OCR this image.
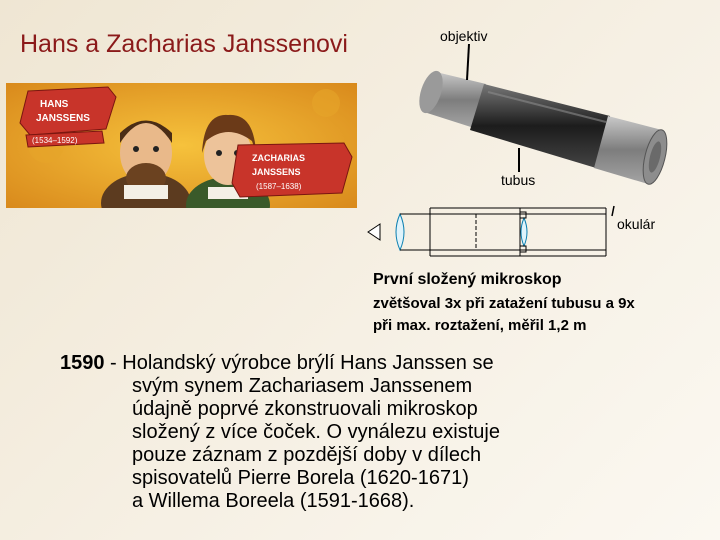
Hans a Zacharias Janssenovi
HANS
JANSSENS
(1534–1592)
ZACHARIAS
JANSSENS
(1587–1638)
objektiv
tubus
okulár
První složený mikroskop
zvětšoval 3x při zatažení tubusu a 9x
při max. roztažení, měřil 1,2 m
1590 - Holandský výrobce brýlí Hans Janssen se
svým synem Zachariasem Janssenem
údajně poprvé zkonstruovali mikroskop
složený z více čoček. O vynálezu existuje
pouze záznam z pozdější doby v dílech
spisovatelů Pierre Borela (1620-1671)
a Willema Boreela (1591-1668).
